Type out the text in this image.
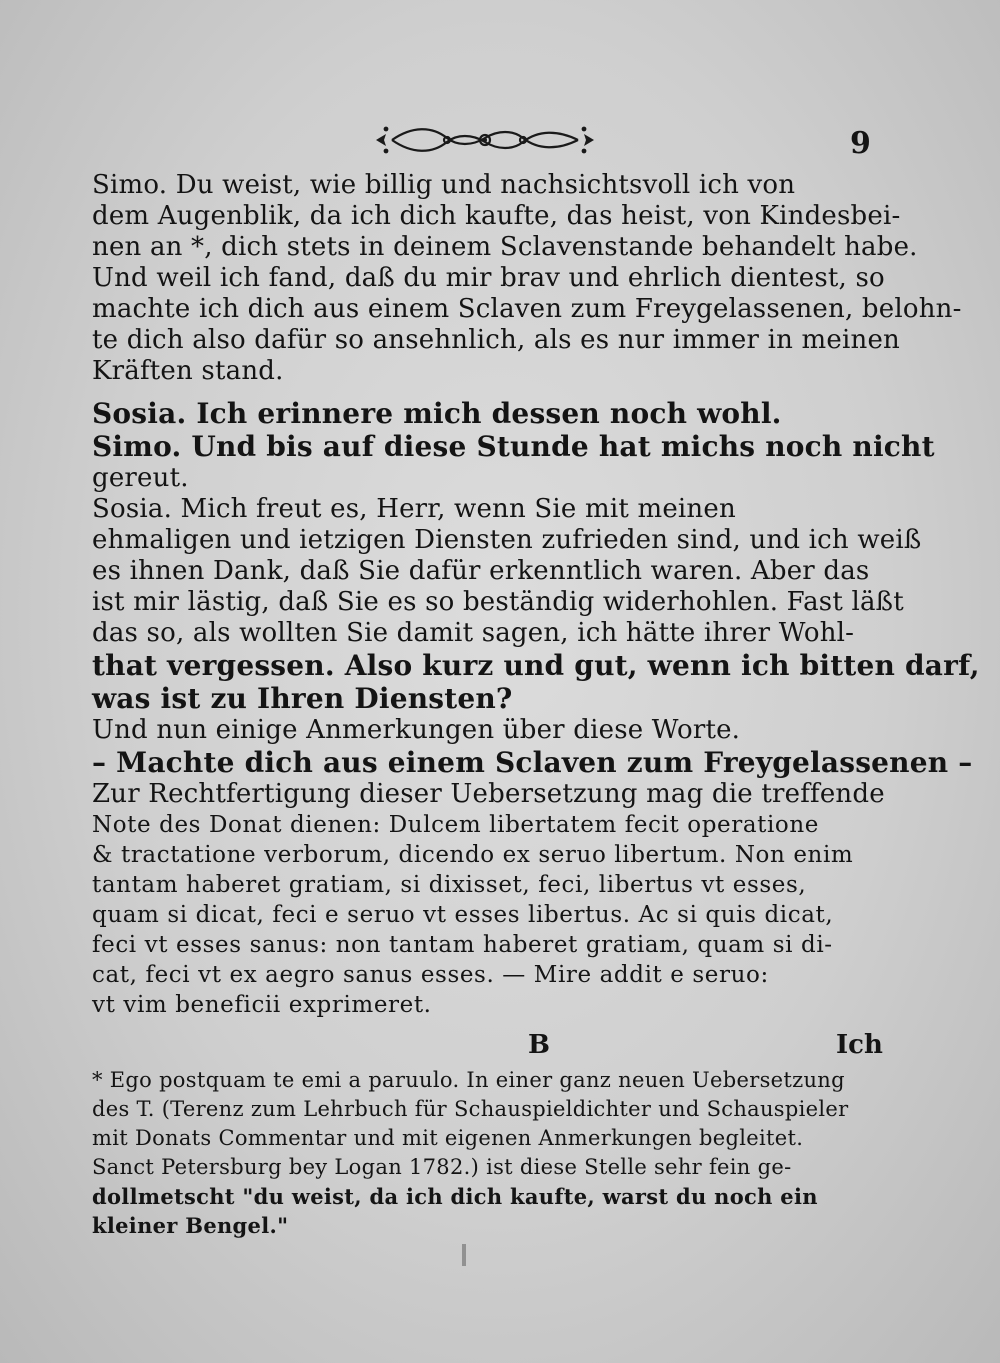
9
Simo. Du weist, wie billig und nachsichtsvoll ich von
dem Augenblik, da ich dich kaufte, das heist, von Kindesbei-
nen an *, dich stets in deinem Sclavenstande behandelt habe.
Und weil ich fand, daß du mir brav und ehrlich dientest, so
machte ich dich aus einem Sclaven zum Freygelassenen, belohn-
te dich also dafür so ansehnlich, als es nur immer in meinen
Kräften stand.
Sosia. Ich erinnere mich dessen noch wohl.
Simo. Und bis auf diese Stunde hat michs noch nicht
gereut.
Sosia. Mich freut es, Herr, wenn Sie mit meinen
ehmaligen und ietzigen Diensten zufrieden sind, und ich weiß
es ihnen Dank, daß Sie dafür erkenntlich waren. Aber das
ist mir lästig, daß Sie es so beständig widerhohlen. Fast läßt
das so, als wollten Sie damit sagen, ich hätte ihrer Wohl-
that vergessen. Also kurz und gut, wenn ich bitten darf,
was ist zu Ihren Diensten?
Und nun einige Anmerkungen über diese Worte.
– Machte dich aus einem Sclaven zum Freygelassenen –
Zur Rechtfertigung dieser Uebersetzung mag die treffende
Note des Donat dienen: Dulcem libertatem fecit operatione
& tractatione verborum, dicendo ex seruo libertum. Non enim
tantam haberet gratiam, si dixisset, feci, libertus vt esses,
quam si dicat, feci e seruo vt esses libertus. Ac si quis dicat,
feci vt esses sanus: non tantam haberet gratiam, quam si di-
cat, feci vt ex aegro sanus esses. — Mire addit e seruo:
vt vim beneficii exprimeret.
B	Ich
* Ego postquam te emi a paruulo. In einer ganz neuen Uebersetzung
des T. (Terenz zum Lehrbuch für Schauspieldichter und Schauspieler
mit Donats Commentar und mit eigenen Anmerkungen begleitet.
Sanct Petersburg bey Logan 1782.) ist diese Stelle sehr fein ge-
dollmetscht "du weist, da ich dich kaufte, warst du noch ein
kleiner Bengel."
